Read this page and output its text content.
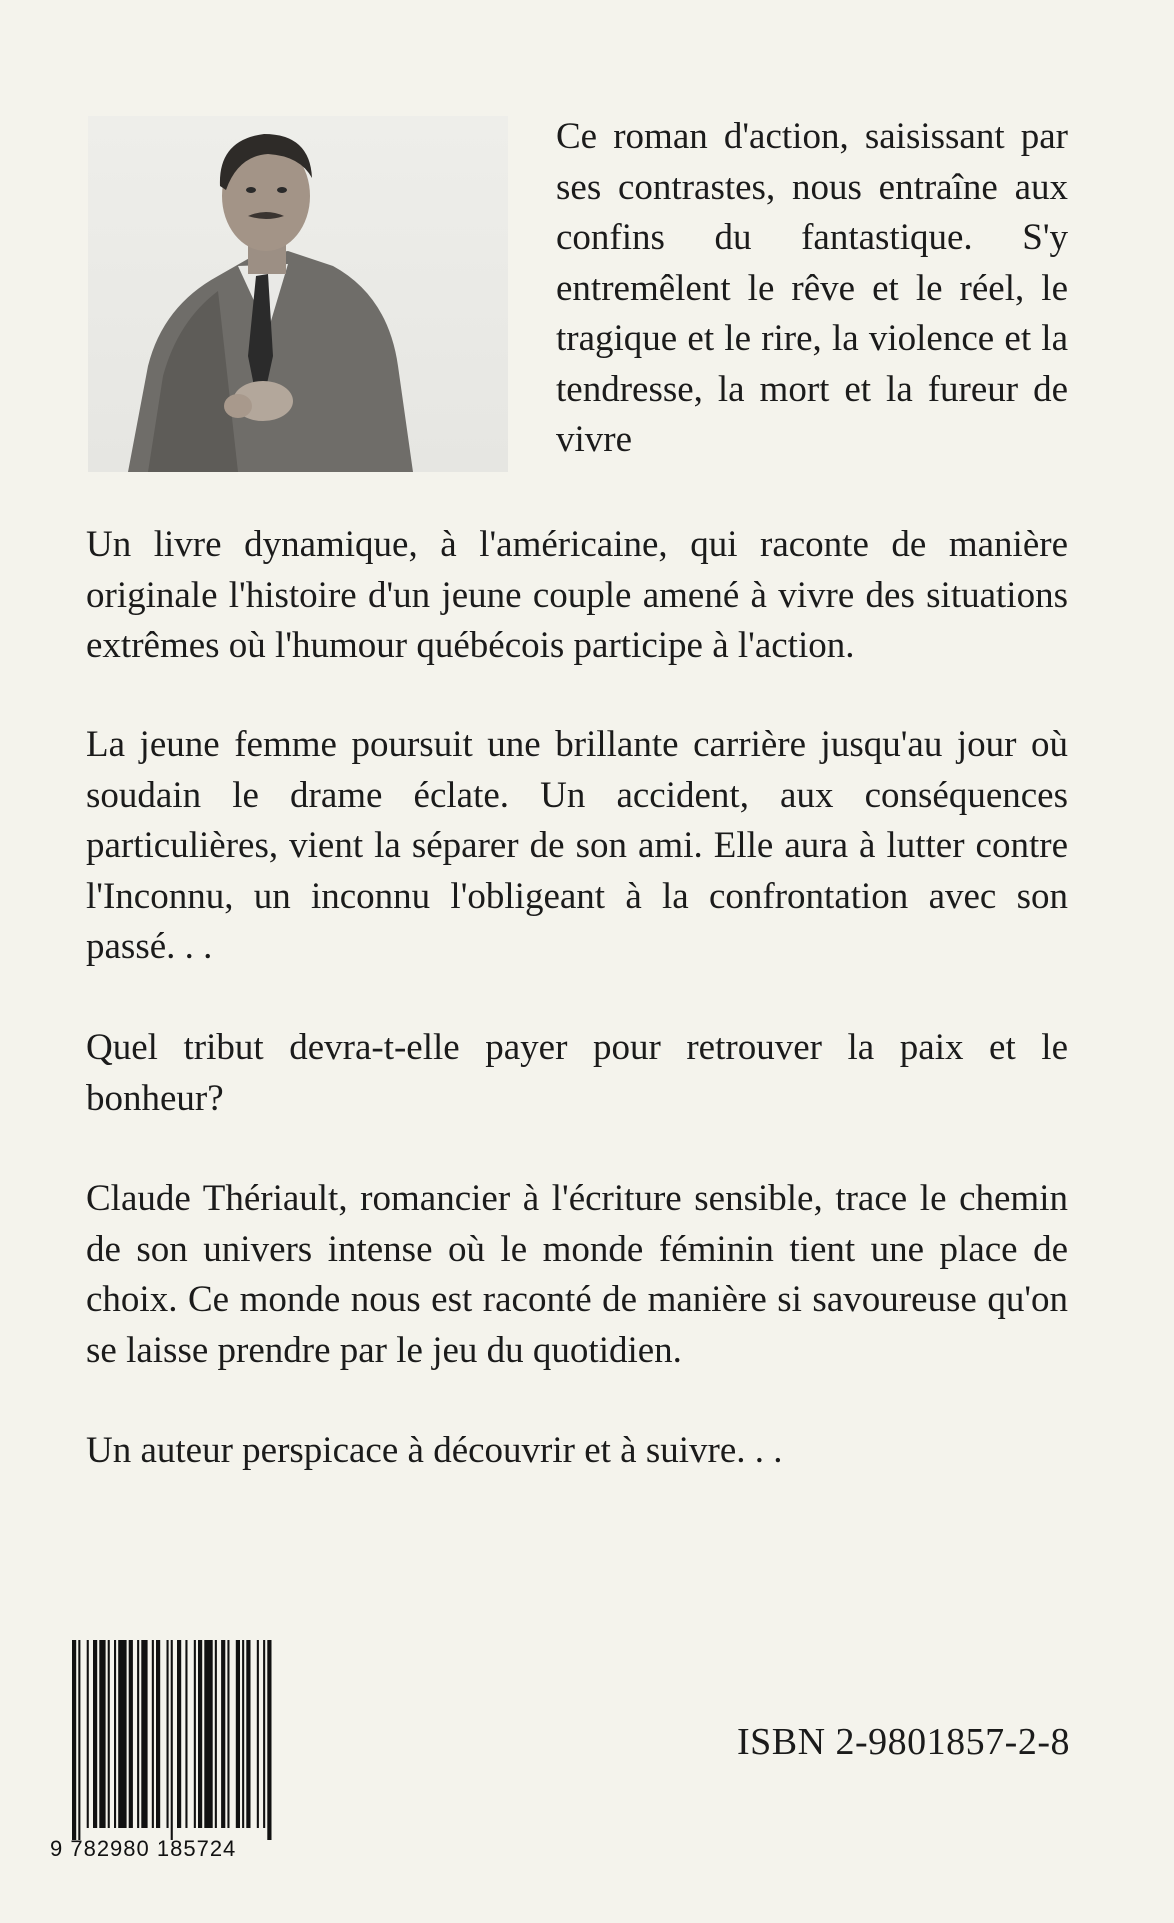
Ce roman d'action, saisissant par ses contrastes, nous entraîne aux confins du fantastique. S'y entremêlent le rêve et le réel, le tragique et le rire, la violence et la tendresse, la mort et la fureur de vivre

Un livre dynamique, à l'américaine, qui raconte de manière originale l'histoire d'un jeune couple amené à vivre des situations extrêmes où l'humour québécois participe à l'action.

La jeune femme poursuit une brillante carrière jusqu'au jour où soudain le drame éclate. Un accident, aux conséquences particulières, vient la séparer de son ami. Elle aura à lutter contre l'Inconnu, un inconnu l'obligeant à la confrontation avec son passé. . .

Quel tribut devra-t-elle payer pour retrouver la paix et le bonheur?

Claude Thériault, romancier à l'écriture sensible, trace le chemin de son univers intense où le monde féminin tient une place de choix. Ce monde nous est raconté de manière si savoureuse qu'on se laisse prendre par le jeu du quotidien.

Un auteur perspicace à découvrir et à suivre. . .

9 782980 185724

ISBN 2-9801857-2-8
